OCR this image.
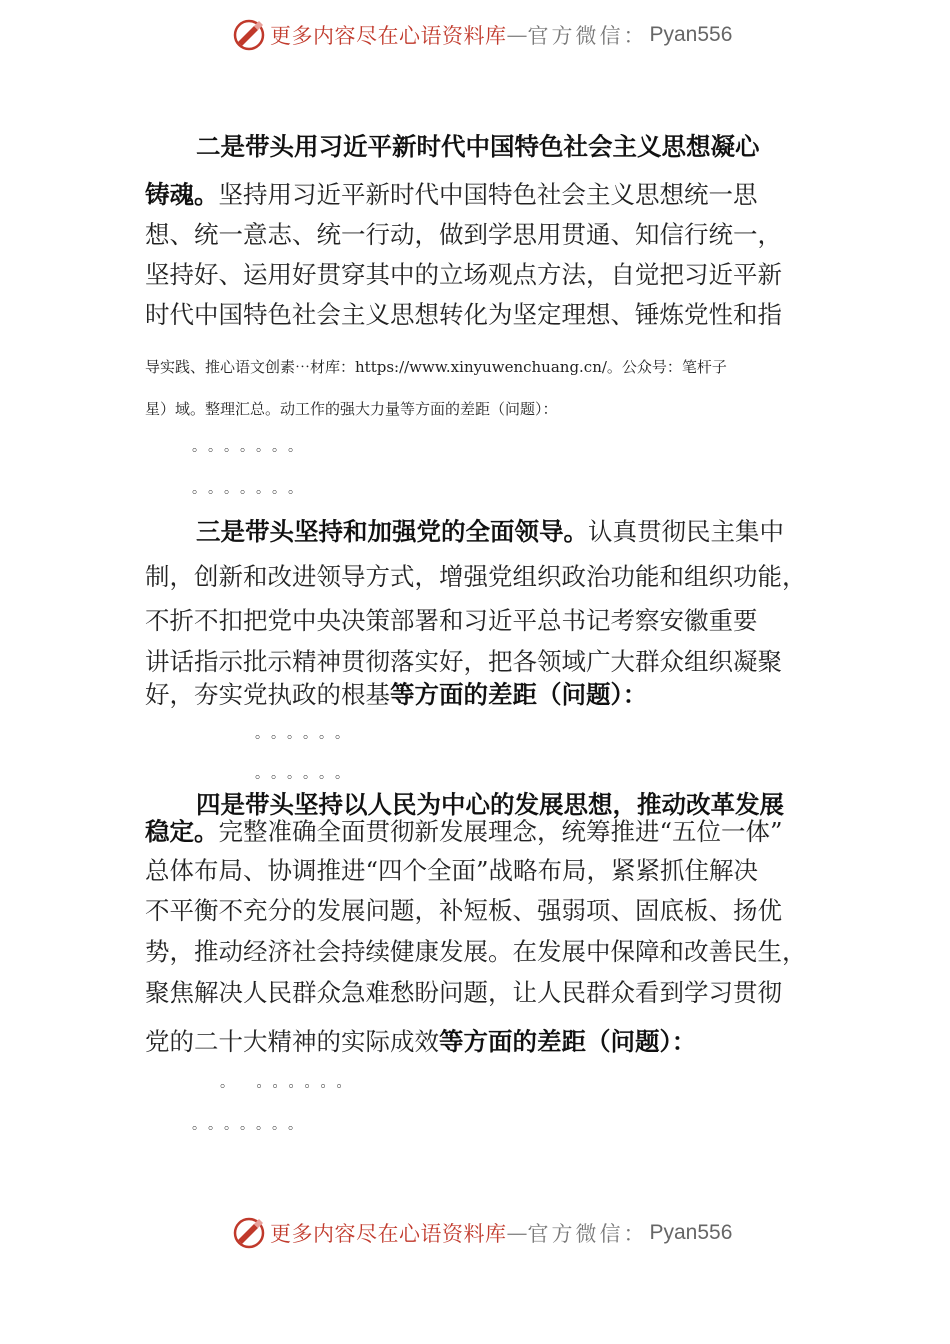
更多内容尽在心语资料库 — 官方微信： Pyan556
二是带头用习近平新时代中国特色社会主义思想凝心
铸魂。坚持用习近平新时代中国特色社会主义思想统一思
想、统一意志、统一行动，做到学思用贯通、知信行统一，
坚持好、运用好贯穿其中的立场观点方法，自觉把习近平新
时代中国特色社会主义思想转化为坚定理想、锤炼党性和指
导实践、推心语文创素⋯材库：https://www.xinyuwenchuang.cn/。公众号：笔杆子
星）域。整理汇总。动工作的强大力量等方面的差距（问题）：
。。。。。。。
。。。。。。。
三是带头坚持和加强党的全面领导。认真贯彻民主集中
制，创新和改进领导方式，增强党组织政治功能和组织功能，
不折不扣把党中央决策部署和习近平总书记考察安徽重要
讲话指示批示精神贯彻落实好，把各领域广大群众组织凝聚
好，夯实党执政的根基等方面的差距（问题）：
。。。。。。
。。。。。。
四是带头坚持以人民为中心的发展思想，推动改革发展
稳定。完整准确全面贯彻新发展理念，统筹推进“五位一体”
总体布局、协调推进“四个全面”战略布局，紧紧抓住解决
不平衡不充分的发展问题，补短板、强弱项、固底板、扬优
势，推动经济社会持续健康发展。在发展中保障和改善民生，
聚焦解决人民群众急难愁盼问题，让人民群众看到学习贯彻
党的二十大精神的实际成效等方面的差距（问题）：
。 。。。。。。
。。。。。。。
更多内容尽在心语资料库 — 官方微信： Pyan556
